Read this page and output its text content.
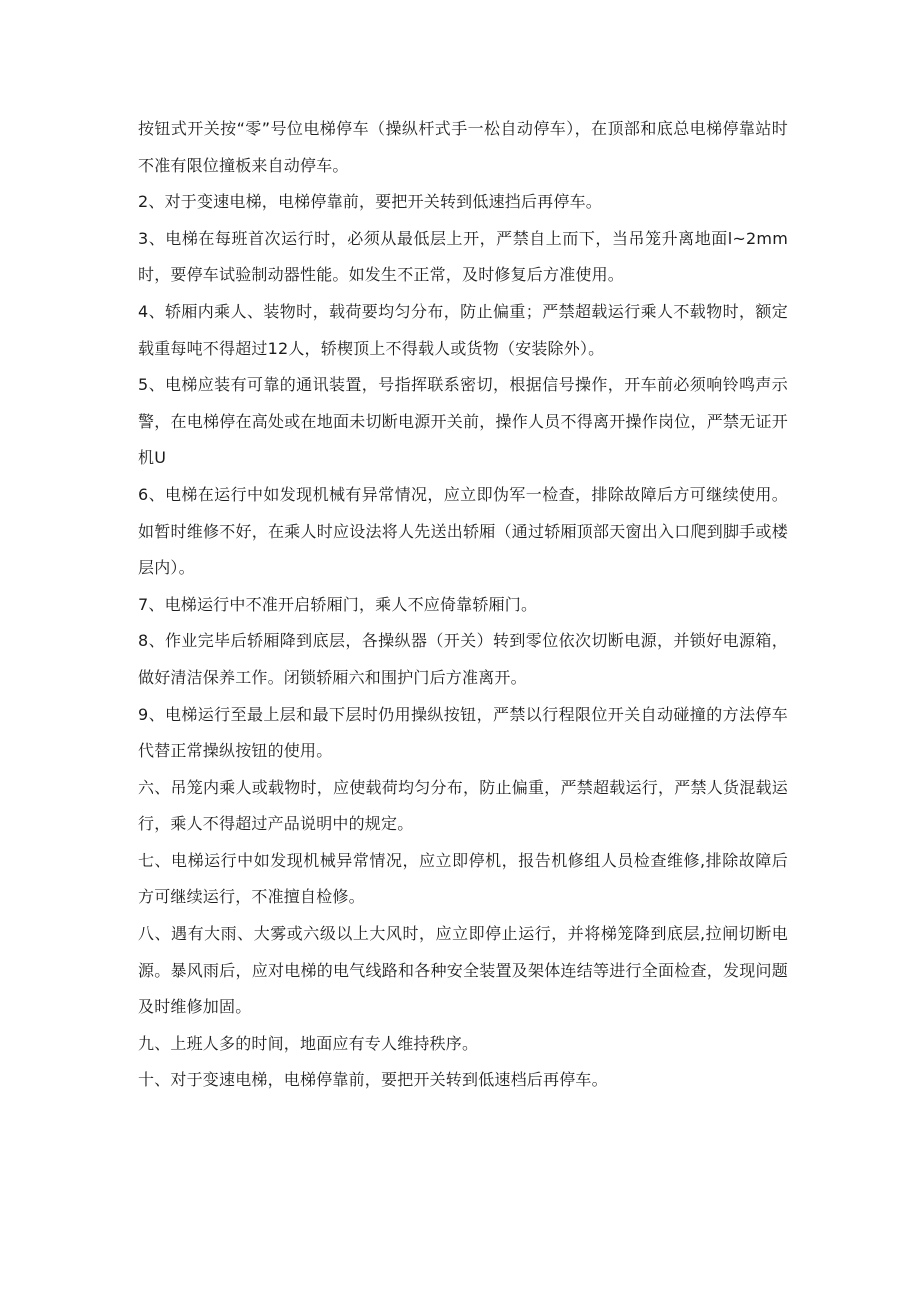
按钮式开关按“零”号位电梯停车（操纵杆式手一松自动停车），在顶部和底总电梯停靠站时不准有限位撞板来自动停车。

2、对于变速电梯，电梯停靠前，要把开关转到低速挡后再停车。

3、电梯在每班首次运行时，必须从最低层上开，严禁自上而下，当吊笼升离地面l~2mm时，要停车试验制动器性能。如发生不正常，及时修复后方准使用。

4、轿厢内乘人、装物时，载荷要均匀分布，防止偏重；严禁超载运行乘人不载物时，额定载重每吨不得超过12人，轿楔顶上不得载人或货物（安装除外）。

5、电梯应装有可靠的通讯装置，号指挥联系密切，根据信号操作，开车前必须响铃鸣声示警，在电梯停在高处或在地面未切断电源开关前，操作人员不得离开操作岗位，严禁无证开机U

6、电梯在运行中如发现机械有异常情况，应立即伪军一检查，排除故障后方可继续使用。如暂时维修不好，在乘人时应设法将人先送出轿厢（通过轿厢顶部天窗出入口爬到脚手或楼层内）。

7、电梯运行中不准开启轿厢门，乘人不应倚靠轿厢门。

8、作业完毕后轿厢降到底层，各操纵器（开关）转到零位依次切断电源，并锁好电源箱，做好清洁保养工作。闭锁轿厢六和围护门后方准离开。

9、电梯运行至最上层和最下层时仍用操纵按钮，严禁以行程限位开关自动碰撞的方法停车代替正常操纵按钮的使用。

六、吊笼内乘人或载物时，应使载荷均匀分布，防止偏重，严禁超载运行，严禁人货混载运行，乘人不得超过产品说明中的规定。

七、电梯运行中如发现机械异常情况，应立即停机，报告机修组人员检查维修,排除故障后方可继续运行，不准擅自检修。

八、遇有大雨、大雾或六级以上大风时，应立即停止运行，并将梯笼降到底层,拉闸切断电源。暴风雨后，应对电梯的电气线路和各种安全装置及架体连结等进行全面检查，发现问题及时维修加固。

九、上班人多的时间，地面应有专人维持秩序。

十、对于变速电梯，电梯停靠前，要把开关转到低速档后再停车。
